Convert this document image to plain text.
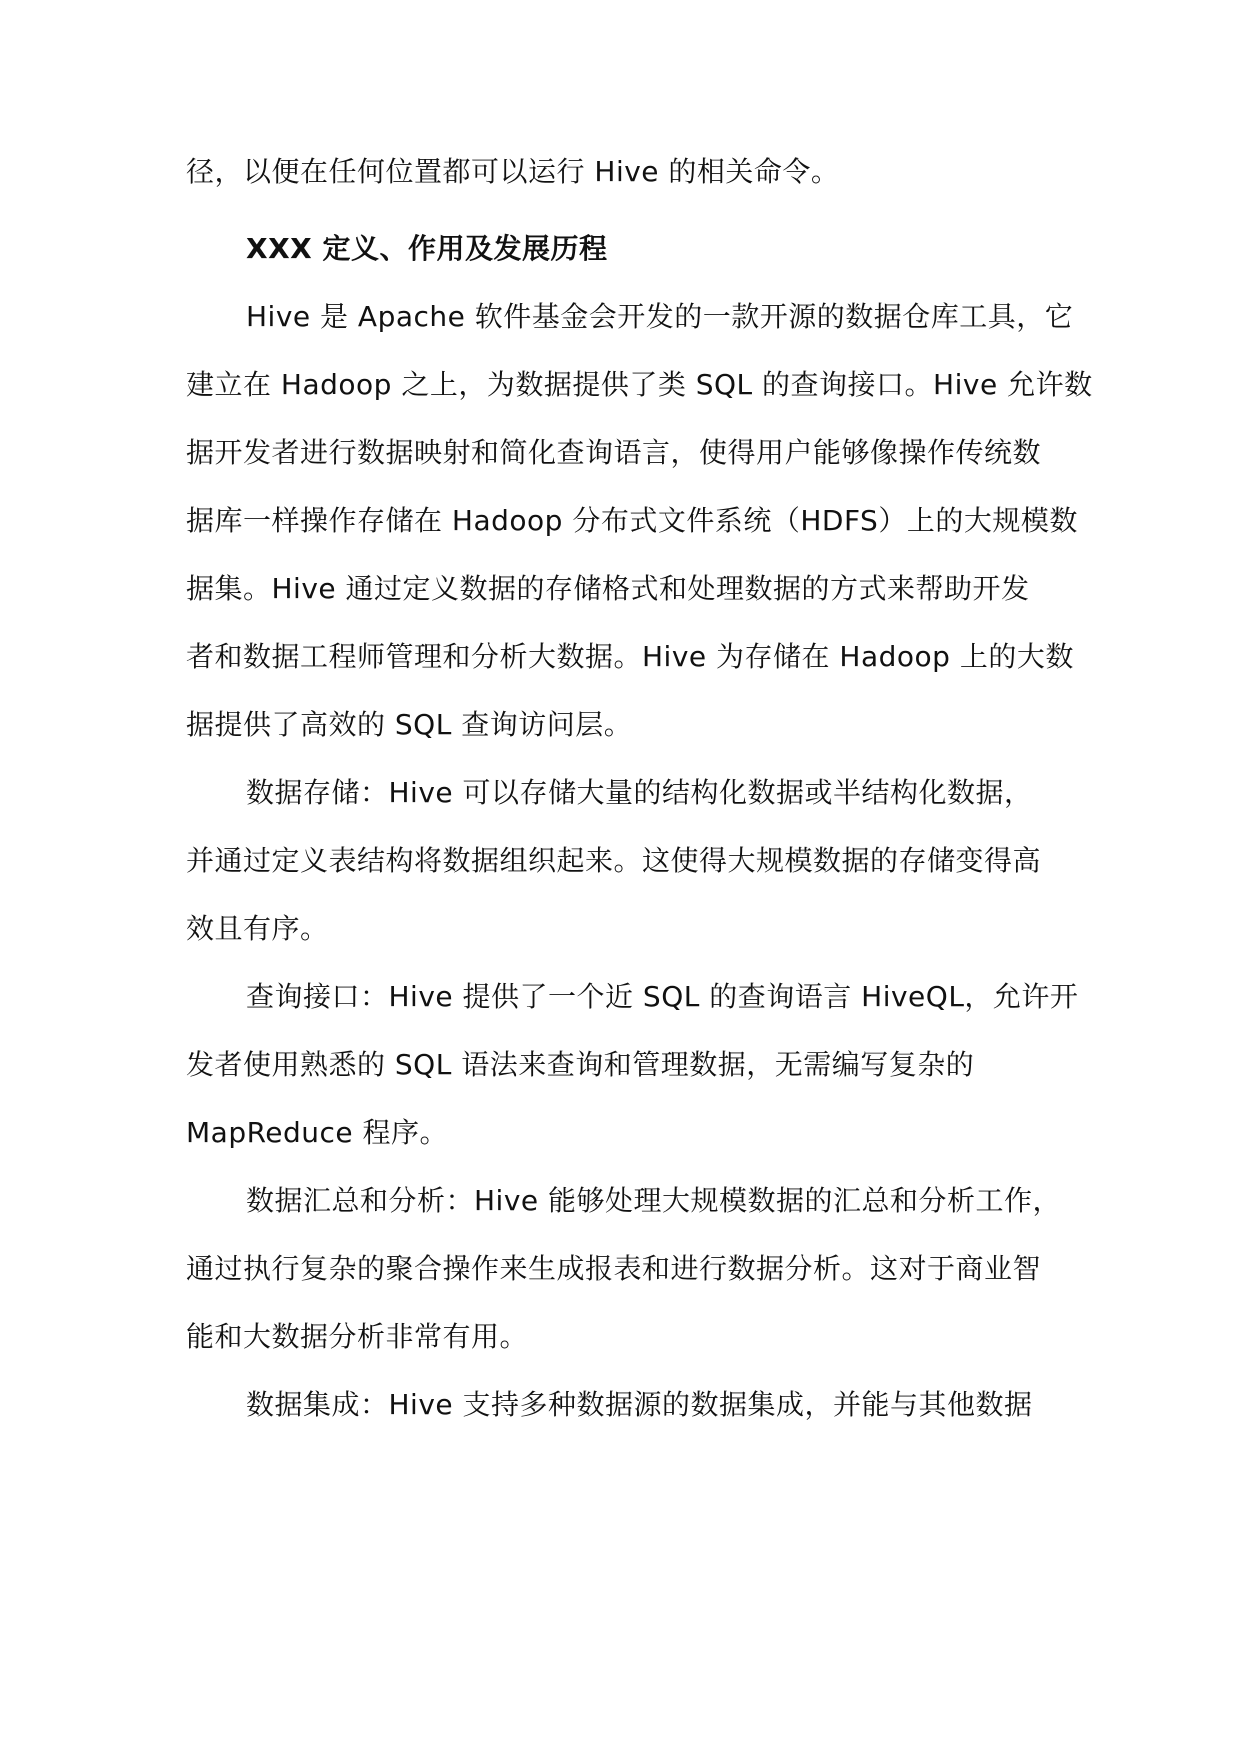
径，以便在任何位置都可以运行 Hive 的相关命令。
XXX 定义、作用及发展历程
Hive 是 Apache 软件基金会开发的一款开源的数据仓库工具，它
建立在 Hadoop 之上，为数据提供了类 SQL 的查询接口。Hive 允许数
据开发者进行数据映射和简化查询语言，使得用户能够像操作传统数
据库一样操作存储在 Hadoop 分布式文件系统（HDFS）上的大规模数
据集。Hive 通过定义数据的存储格式和处理数据的方式来帮助开发
者和数据工程师管理和分析大数据。Hive 为存储在 Hadoop 上的大数
据提供了高效的 SQL 查询访问层。
数据存储：Hive 可以存储大量的结构化数据或半结构化数据，
并通过定义表结构将数据组织起来。这使得大规模数据的存储变得高
效且有序。
查询接口：Hive 提供了一个近 SQL 的查询语言 HiveQL，允许开
发者使用熟悉的 SQL 语法来查询和管理数据，无需编写复杂的
MapReduce 程序。
数据汇总和分析：Hive 能够处理大规模数据的汇总和分析工作，
通过执行复杂的聚合操作来生成报表和进行数据分析。这对于商业智
能和大数据分析非常有用。
数据集成：Hive 支持多种数据源的数据集成，并能与其他数据
